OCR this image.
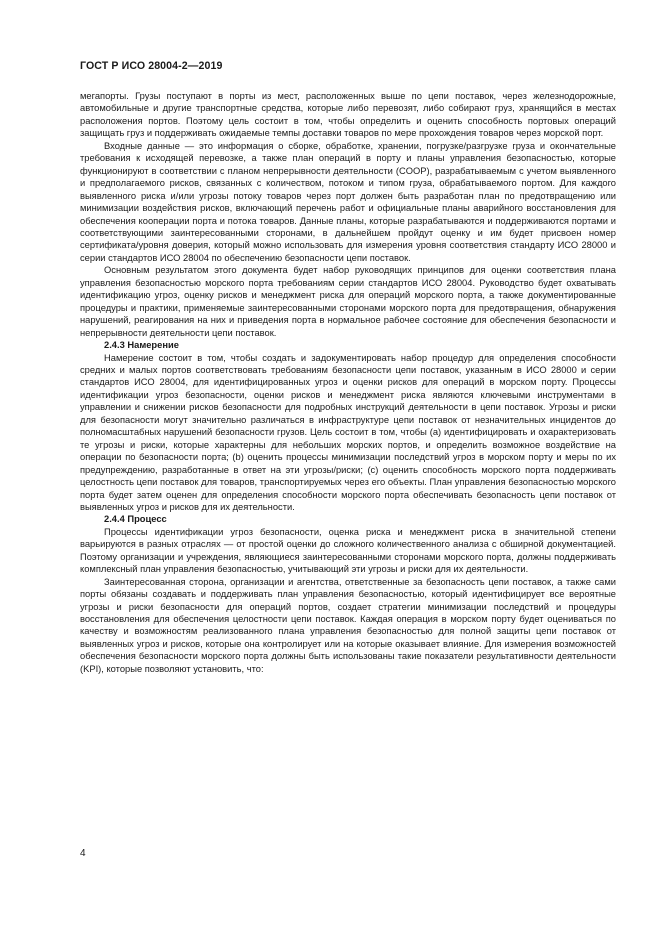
ГОСТ Р ИСО 28004-2—2019

мегапорты. Грузы поступают в порты из мест, расположенных выше по цепи поставок, через железнодорожные, автомобильные и другие транспортные средства, которые либо перевозят, либо собирают груз, хранящийся в местах расположения портов. Поэтому цель состоит в том, чтобы определить и оценить способность портовых операций защищать груз и поддерживать ожидаемые темпы доставки товаров по мере прохождения товаров через морской порт.

Входные данные — это информация о сборке, обработке, хранении, погрузке/разгрузке груза и окончательные требования к исходящей перевозке, а также план операций в порту и планы управления безопасностью, которые функционируют в соответствии с планом непрерывности деятельности (COOP), разрабатываемым с учетом выявленного и предполагаемого рисков, связанных с количеством, потоком и типом груза, обрабатываемого портом. Для каждого выявленного риска и/или угрозы потоку товаров через порт должен быть разработан план по предотвращению или минимизации воздействия рисков, включающий перечень работ и официальные планы аварийного восстановления для обеспечения кооперации порта и потока товаров. Данные планы, которые разрабатываются и поддерживаются портами и соответствующими заинтересованными сторонами, в дальнейшем пройдут оценку и им будет присвоен номер сертификата/уровня доверия, который можно использовать для измерения уровня соответствия стандарту ИСО 28000 и серии стандартов ИСО 28004 по обеспечению безопасности цепи поставок.

Основным результатом этого документа будет набор руководящих принципов для оценки соответствия плана управления безопасностью морского порта требованиям серии стандартов ИСО 28004. Руководство будет охватывать идентификацию угроз, оценку рисков и менеджмент риска для операций морского порта, а также документированные процедуры и практики, применяемые заинтересованными сторонами морского порта для предотвращения, обнаружения нарушений, реагирования на них и приведения порта в нормальное рабочее состояние для обеспечения безопасности и непрерывности деятельности цепи поставок.

2.4.3 Намерение

Намерение состоит в том, чтобы создать и задокументировать набор процедур для определения способности средних и малых портов соответствовать требованиям безопасности цепи поставок, указанным в ИСО 28000 и серии стандартов ИСО 28004, для идентифицированных угроз и оценки рисков для операций в морском порту. Процессы идентификации угроз безопасности, оценки рисков и менеджмент риска являются ключевыми инструментами в управлении и снижении рисков безопасности для подробных инструкций деятельности в цепи поставок. Угрозы и риски для безопасности могут значительно различаться в инфраструктуре цепи поставок от незначительных инцидентов до полномасштабных нарушений безопасности грузов. Цель состоит в том, чтобы (а) идентифицировать и охарактеризовать те угрозы и риски, которые характерны для небольших морских портов, и определить возможное воздействие на операции по безопасности порта; (b) оценить процессы минимизации последствий угроз в морском порту и меры по их предупреждению, разработанные в ответ на эти угрозы/риски; (с) оценить способность морского порта поддерживать целостность цепи поставок для товаров, транспортируемых через его объекты. План управления безопасностью морского порта будет затем оценен для определения способности морского порта обеспечивать безопасность цепи поставок от выявленных угроз и рисков для их деятельности.

2.4.4 Процесс

Процессы идентификации угроз безопасности, оценка риска и менеджмент риска в значительной степени варьируются в разных отраслях — от простой оценки до сложного количественного анализа с обширной документацией. Поэтому организации и учреждения, являющиеся заинтересованными сторонами морского порта, должны поддерживать комплексный план управления безопасностью, учитывающий эти угрозы и риски для их деятельности.

Заинтересованная сторона, организации и агентства, ответственные за безопасность цепи поставок, а также сами порты обязаны создавать и поддерживать план управления безопасностью, который идентифицирует все вероятные угрозы и риски безопасности для операций портов, создает стратегии минимизации последствий и процедуры восстановления для обеспечения целостности цепи поставок. Каждая операция в морском порту будет оцениваться по качеству и возможностям реализованного плана управления безопасностью для полной защиты цепи поставок от выявленных угроз и рисков, которые она контролирует или на которые оказывает влияние. Для измерения возможностей обеспечения безопасности морского порта должны быть использованы такие показатели результативности деятельности (KPI), которые позволяют установить, что:

4
